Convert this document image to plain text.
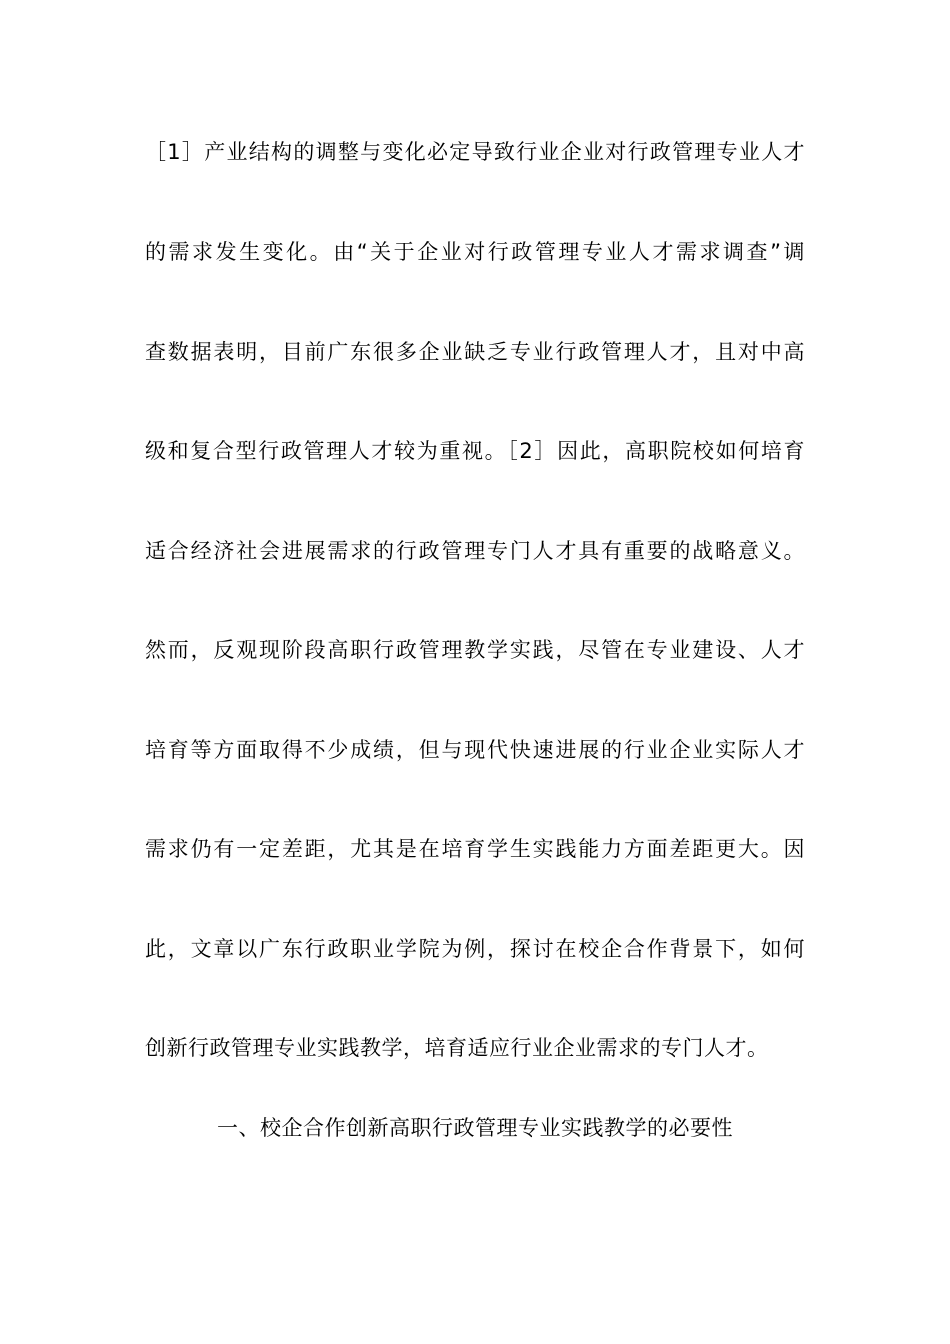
［1］产业结构的调整与变化必定导致行业企业对行政管理专业人才
的需求发生变化。由“关于企业对行政管理专业人才需求调查”调
查数据表明，目前广东很多企业缺乏专业行政管理人才，且对中高
级和复合型行政管理人才较为重视。［2］因此，高职院校如何培育
适合经济社会进展需求的行政管理专门人才具有重要的战略意义。
然而，反观现阶段高职行政管理教学实践，尽管在专业建设、人才
培育等方面取得不少成绩，但与现代快速进展的行业企业实际人才
需求仍有一定差距，尤其是在培育学生实践能力方面差距更大。因
此，文章以广东行政职业学院为例，探讨在校企合作背景下，如何
创新行政管理专业实践教学，培育适应行业企业需求的专门人才。
一、校企合作创新高职行政管理专业实践教学的必要性
